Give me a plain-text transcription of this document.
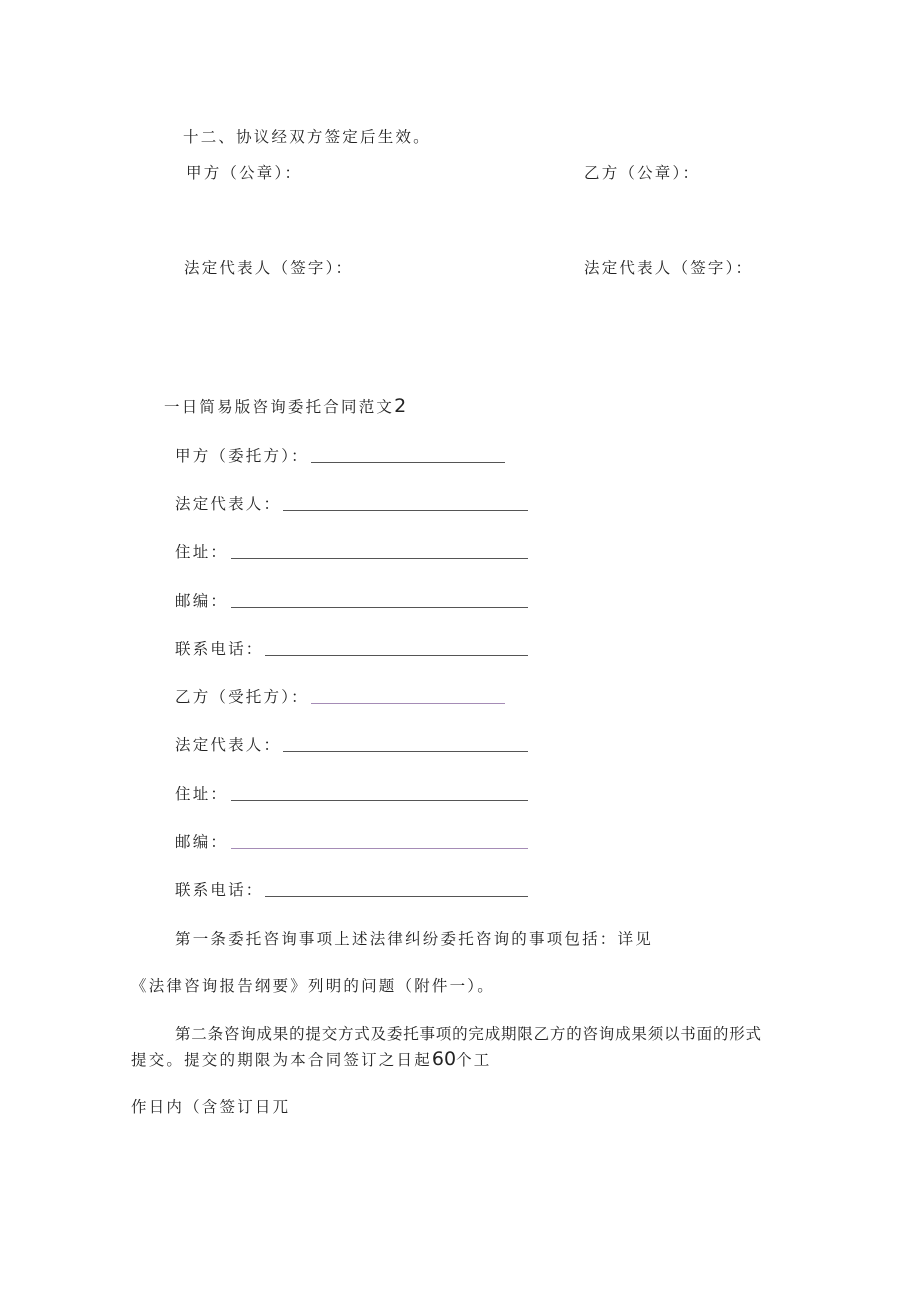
十二、协议经双方签定后生效。
甲方（公章）：	乙方（公章）：
法定代表人（签字）：	法定代表人（签字）：
一日简易版咨询委托合同范文2
甲方（委托方）：
法定代表人：
住址：
邮编：
联系电话：
乙方（受托方）：
法定代表人：
住址：
邮编：
联系电话：
第一条委托咨询事项上述法律纠纷委托咨询的事项包括：详见
《法律咨询报告纲要》列明的问题（附件一）。
第二条咨询成果的提交方式及委托事项的完成期限乙方的咨询成果须以书面的形式
提交。提交的期限为本合同签订之日起60个工
作日内（含签订日兀
